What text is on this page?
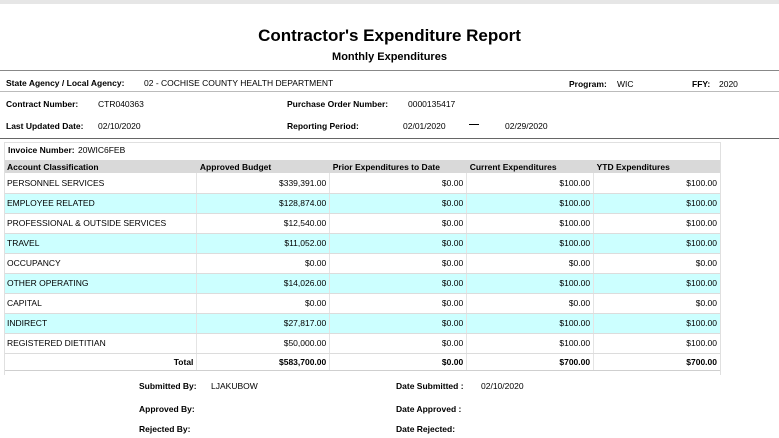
Contractor's Expenditure Report
Monthly Expenditures
State Agency / Local Agency: 02 - COCHISE COUNTY HEALTH DEPARTMENT	Program: WIC	FFY: 2020
Contract Number: CTR040363	Purchase Order Number: 0000135417
Last Updated Date: 02/10/2020	Reporting Period:	02/01/2020 —	02/29/2020
Invoice Number: 20WIC6FEB
Account Classification	Approved Budget	Prior Expenditures to Date	Current Expenditures	YTD Expenditures
PERSONNEL SERVICES	$339,391.00	$0.00	$100.00	$100.00
EMPLOYEE RELATED	$128,874.00	$0.00	$100.00	$100.00
PROFESSIONAL & OUTSIDE SERVICES	$12,540.00	$0.00	$100.00	$100.00
TRAVEL	$11,052.00	$0.00	$100.00	$100.00
OCCUPANCY	$0.00	$0.00	$0.00	$0.00
OTHER OPERATING	$14,026.00	$0.00	$100.00	$100.00
CAPITAL	$0.00	$0.00	$0.00	$0.00
INDIRECT	$27,817.00	$0.00	$100.00	$100.00
REGISTERED DIETITIAN	$50,000.00	$0.00	$100.00	$100.00
Total	$583,700.00	$0.00	$700.00	$700.00
Submitted By: LJAKUBOW	Date Submitted : 02/10/2020
Approved By:	Date Approved :
Rejected By:	Date Rejected:
